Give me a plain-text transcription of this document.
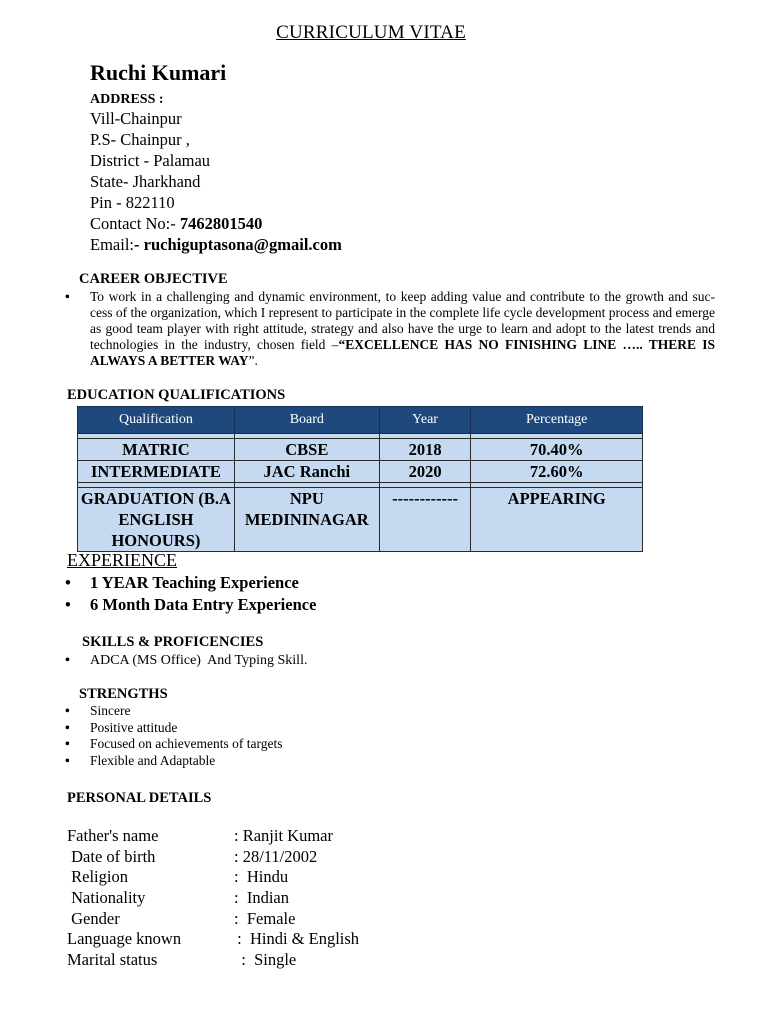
CURRICULUM VITAE
Ruchi Kumari
ADDRESS :
Vill-Chainpur
P.S- Chainpur ,
District - Palamau
State- Jharkhand
Pin - 822110
Contact No:- 7462801540
Email:- ruchiguptasona@gmail.com
CAREER OBJECTIVE
• To work in a challenging and dynamic environment, to keep adding value and contribute to the growth and suc-cess of the organization, which I represent to participate in the complete life cycle development process and emerge as good team player with right attitude, strategy and also have the urge to learn and adopt to the latest trends and technologies in the industry, chosen field –“EXCELLENCE HAS NO FINISHING LINE ….. THERE IS ALWAYS A BETTER WAY”.
EDUCATION QUALIFICATIONS
Qualification	Board	Year	Percentage

MATRIC	CBSE	2018	70.40%
INTERMEDIATE	JAC Ranchi	2020	72.60%

GRADUATION (B.A ENGLISH HONOURS)	NPU MEDININAGAR	------------	APPEARING
EXPERIENCE
• 1 YEAR Teaching Experience
• 6 Month Data Entry Experience
SKILLS & PROFICENCIES
• ADCA (MS Office)  And Typing Skill.
STRENGTHS
• Sincere
• Positive attitude
• Focused on achievements of targets
• Flexible and Adaptable
PERSONAL DETAILS
Father's name	: Ranjit Kumar
Date of birth	: 28/11/2002
Religion	:  Hindu
Nationality	:  Indian
Gender	:  Female
Language known	:  Hindi & English
Marital status	:  Single
